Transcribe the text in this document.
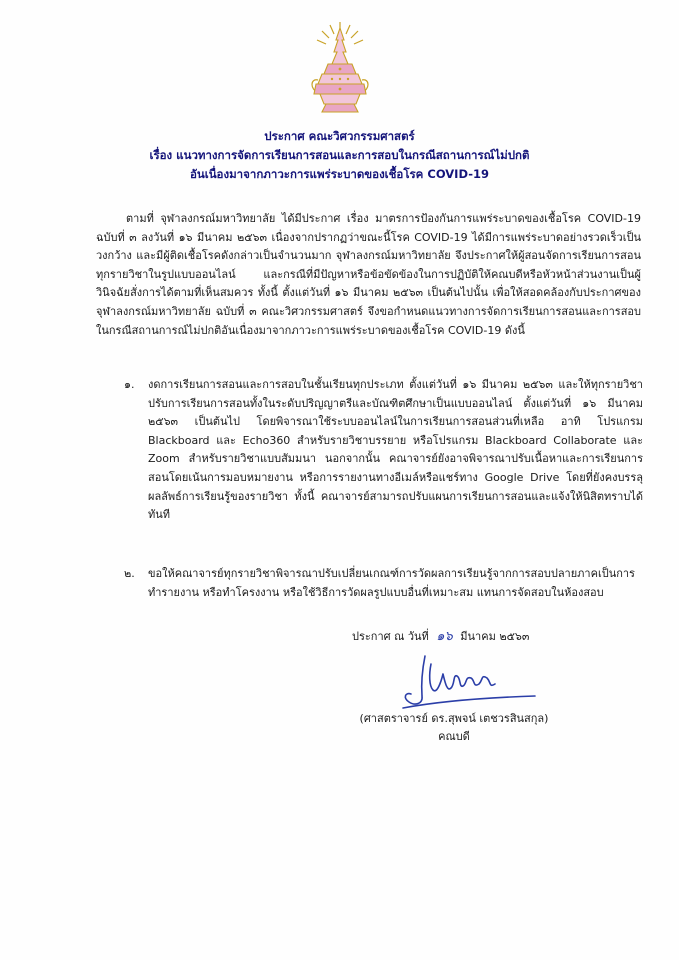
ประกาศ คณะวิศวกรรมศาสตร์
เรื่อง แนวทางการจัดการเรียนการสอนและการสอบในกรณีสถานการณ์ไม่ปกติ
อันเนื่องมาจากภาวะการแพร่ระบาดของเชื้อโรค COVID-19
ตามที่ จุฬาลงกรณ์มหาวิทยาลัย ได้มีประกาศ เรื่อง มาตรการป้องกันการแพร่ระบาดของเชื้อโรค COVID-19 ฉบับที่ ๓ ลงวันที่ ๑๖ มีนาคม ๒๕๖๓ เนื่องจากปรากฏว่าขณะนี้โรค COVID-19 ได้มีการแพร่ระบาดอย่างรวดเร็วเป็นวงกว้าง และมีผู้ติดเชื้อโรคดังกล่าวเป็นจำนวนมาก จุฬาลงกรณ์มหาวิทยาลัย จึงประกาศให้ผู้สอนจัดการเรียนการสอนทุกรายวิชาในรูปแบบออนไลน์ และกรณีที่มีปัญหาหรือข้อขัดข้องในการปฏิบัติให้คณบดีหรือหัวหน้าส่วนงานเป็นผู้วินิจฉัยสั่งการได้ตามที่เห็นสมควร ทั้งนี้ ตั้งแต่วันที่ ๑๖ มีนาคม ๒๕๖๓ เป็นต้นไปนั้น เพื่อให้สอดคล้องกับประกาศของจุฬาลงกรณ์มหาวิทยาลัย ฉบับที่ ๓ คณะวิศวกรรมศาสตร์ จึงขอกำหนดแนวทางการจัดการเรียนการสอนและการสอบในกรณีสถานการณ์ไม่ปกติอันเนื่องมาจากภาวะการแพร่ระบาดของเชื้อโรค COVID-19 ดังนี้
๑.	งดการเรียนการสอนและการสอบในชั้นเรียนทุกประเภท ตั้งแต่วันที่ ๑๖ มีนาคม ๒๕๖๓ และให้ทุกรายวิชาปรับการเรียนการสอนทั้งในระดับปริญญาตรีและบัณฑิตศึกษาเป็นแบบออนไลน์ ตั้งแต่วันที่ ๑๖ มีนาคม ๒๕๖๓ เป็นต้นไป โดยพิจารณาใช้ระบบออนไลน์ในการเรียนการสอนส่วนที่เหลือ อาทิ โปรแกรม Blackboard และ Echo360 สำหรับรายวิชาบรรยาย หรือโปรแกรม Blackboard Collaborate และ Zoom สำหรับรายวิชาแบบสัมมนา นอกจากนั้น คณาจารย์ยังอาจพิจารณาปรับเนื้อหาและการเรียนการสอนโดยเน้นการมอบหมายงาน หรือการรายงานทางอีเมล์หรือแชร์ทาง Google Drive โดยที่ยังคงบรรลุผลลัพธ์การเรียนรู้ของรายวิชา ทั้งนี้ คณาจารย์สามารถปรับแผนการเรียนการสอนและแจ้งให้นิสิตทราบได้ทันที
๒.	ขอให้คณาจารย์ทุกรายวิชาพิจารณาปรับเปลี่ยนเกณฑ์การวัดผลการเรียนรู้จากการสอบปลายภาคเป็นการทำรายงาน หรือทำโครงงาน หรือใช้วิธีการวัดผลรูปแบบอื่นที่เหมาะสม แทนการจัดสอบในห้องสอบ
ประกาศ ณ วันที่ ๑๖ มีนาคม ๒๕๖๓
(ศาสตราจารย์ ดร.สุพจน์ เตชวรสินสกุล)
คณบดี
